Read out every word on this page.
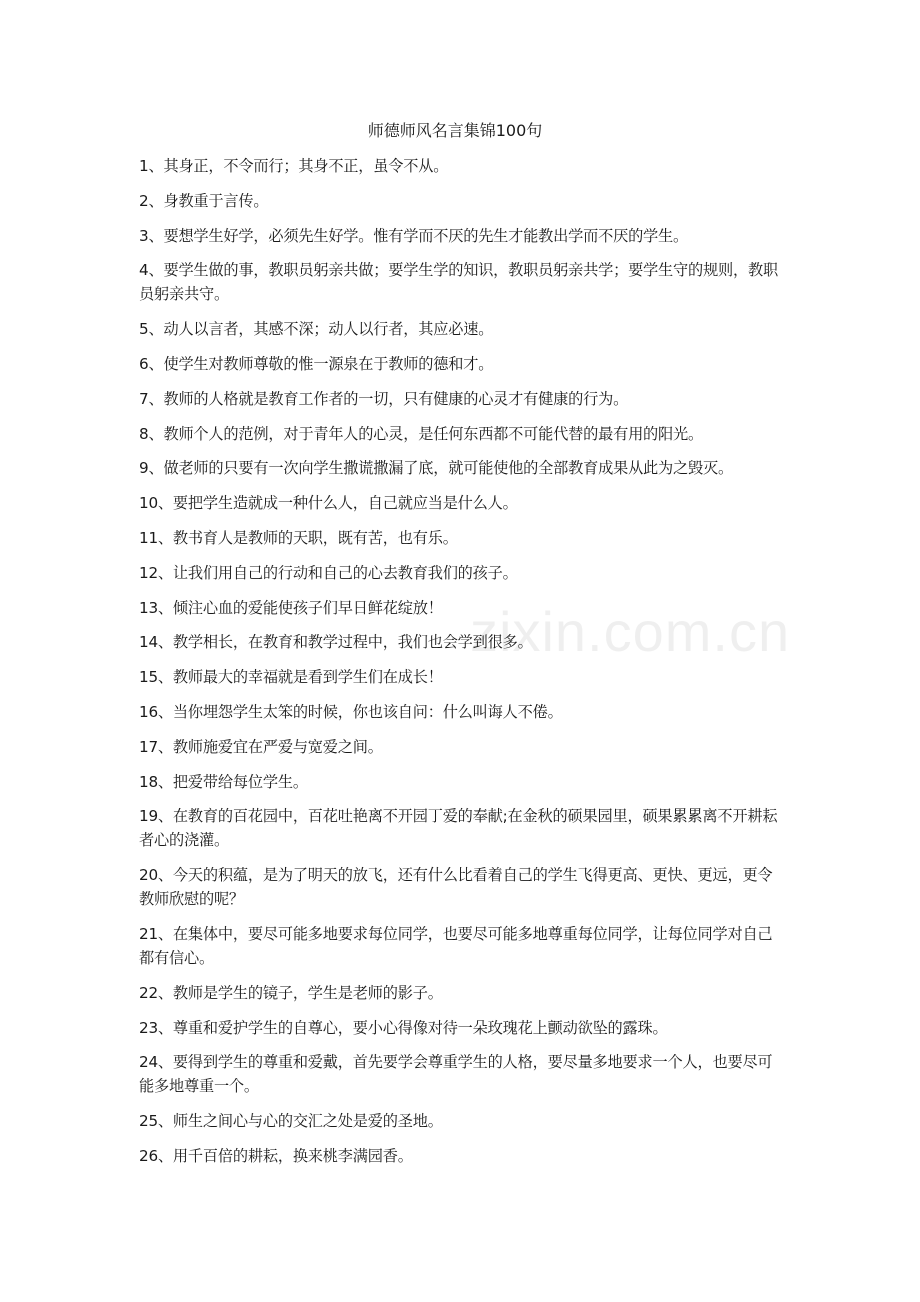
师德师风名言集锦100句
1、其身正，不令而行；其身不正，虽令不从。
2、身教重于言传。
3、要想学生好学，必须先生好学。惟有学而不厌的先生才能教出学而不厌的学生。
4、要学生做的事，教职员躬亲共做；要学生学的知识，教职员躬亲共学；要学生守的规则，教职员躬亲共守。
5、动人以言者，其感不深；动人以行者，其应必速。
6、使学生对教师尊敬的惟一源泉在于教师的德和才。
7、教师的人格就是教育工作者的一切，只有健康的心灵才有健康的行为。
8、教师个人的范例，对于青年人的心灵，是任何东西都不可能代替的最有用的阳光。
9、做老师的只要有一次向学生撒谎撒漏了底，就可能使他的全部教育成果从此为之毁灭。
10、要把学生造就成一种什么人，自己就应当是什么人。
11、教书育人是教师的天职，既有苦，也有乐。
12、让我们用自己的行动和自己的心去教育我们的孩子。
13、倾注心血的爱能使孩子们早日鲜花绽放！
14、教学相长，在教育和教学过程中，我们也会学到很多。
15、教师最大的幸福就是看到学生们在成长！
16、当你埋怨学生太笨的时候，你也该自问：什么叫诲人不倦。
17、教师施爱宜在严爱与宽爱之间。
18、把爱带给每位学生。
19、在教育的百花园中，百花吐艳离不开园丁爱的奉献;在金秋的硕果园里，硕果累累离不开耕耘者心的浇灌。
20、今天的积蕴，是为了明天的放飞，还有什么比看着自己的学生飞得更高、更快、更远，更令教师欣慰的呢？
21、在集体中，要尽可能多地要求每位同学，也要尽可能多地尊重每位同学，让每位同学对自己都有信心。
22、教师是学生的镜子，学生是老师的影子。
23、尊重和爱护学生的自尊心，要小心得像对待一朵玫瑰花上颤动欲坠的露珠。
24、要得到学生的尊重和爱戴，首先要学会尊重学生的人格，要尽量多地要求一个人，也要尽可能多地尊重一个。
25、师生之间心与心的交汇之处是爱的圣地。
26、用千百倍的耕耘，换来桃李满园香。
zixin.com.cn
